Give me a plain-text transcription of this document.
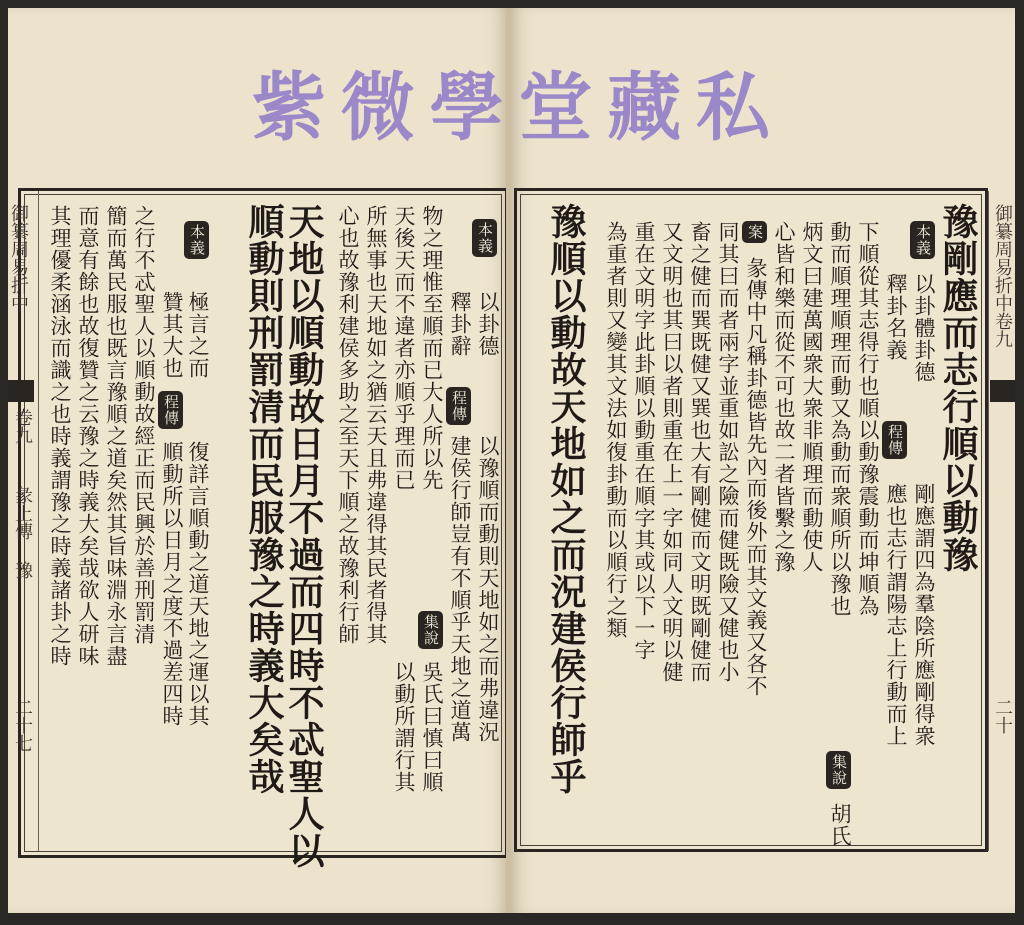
天地以順動故日月不過而四時不忒聖人以
順動則刑罰清而民服豫之時義大矣哉	本義
以卦德
釋卦辭
程傳
以豫順而動則天地如之而弗違況
建侯行師豈有不順乎天地之道萬
物之理惟至順而已大人所以先
天後天而不違者亦順乎理而已
集說
吳氏曰慎曰順
以動所謂行其
所無事也天地如之猶云天且弗違得其民者得其
心也故豫利建侯多助之至天下順之故豫利行師
本義
極言之而
贊其大也
程傳
復詳言順動之道天地之運以其
順動所以日月之度不過差四時
之行不忒聖人以順動故經正而民興於善刑罰清
簡而萬民服也既言豫順之道矣然其旨味淵永言盡
而意有餘也故復贊之云豫之時義大矣哉欲人研味
其理優柔涵泳而識之也時義謂豫之時義諸卦之時
御纂周易折中
卷九
彖上傳 豫
二十七
豫剛應而志行順以動豫
本義
以卦體卦德
釋卦名義
程傳
剛應謂四為羣陰所應剛得衆
應也志行謂陽志上行動而上
下順從其志得行也順以動豫震動而坤順為
動而順理順理而動又為動而衆順所以豫也
集說
胡氏
炳文曰建萬國衆大衆非順理而動使人
心皆和樂而從不可也故二者皆繫之豫
案
彖傳中凡稱卦德皆先內而後外而其文義又各不
同其曰而者兩字並重如訟之險而健既險又健也小
畜之健而巽既健又巽也大有剛健而文明既剛健而
又文明也其曰以者則重在上一字如同人文明以健
重在文明字此卦順以動重在順字其或以下一字
為重者則又變其文法如復卦動而以順行之類
豫順以動故天地如之而況建侯行師乎	御纂周易折中卷九
二十
紫 微 學 堂 藏 私
